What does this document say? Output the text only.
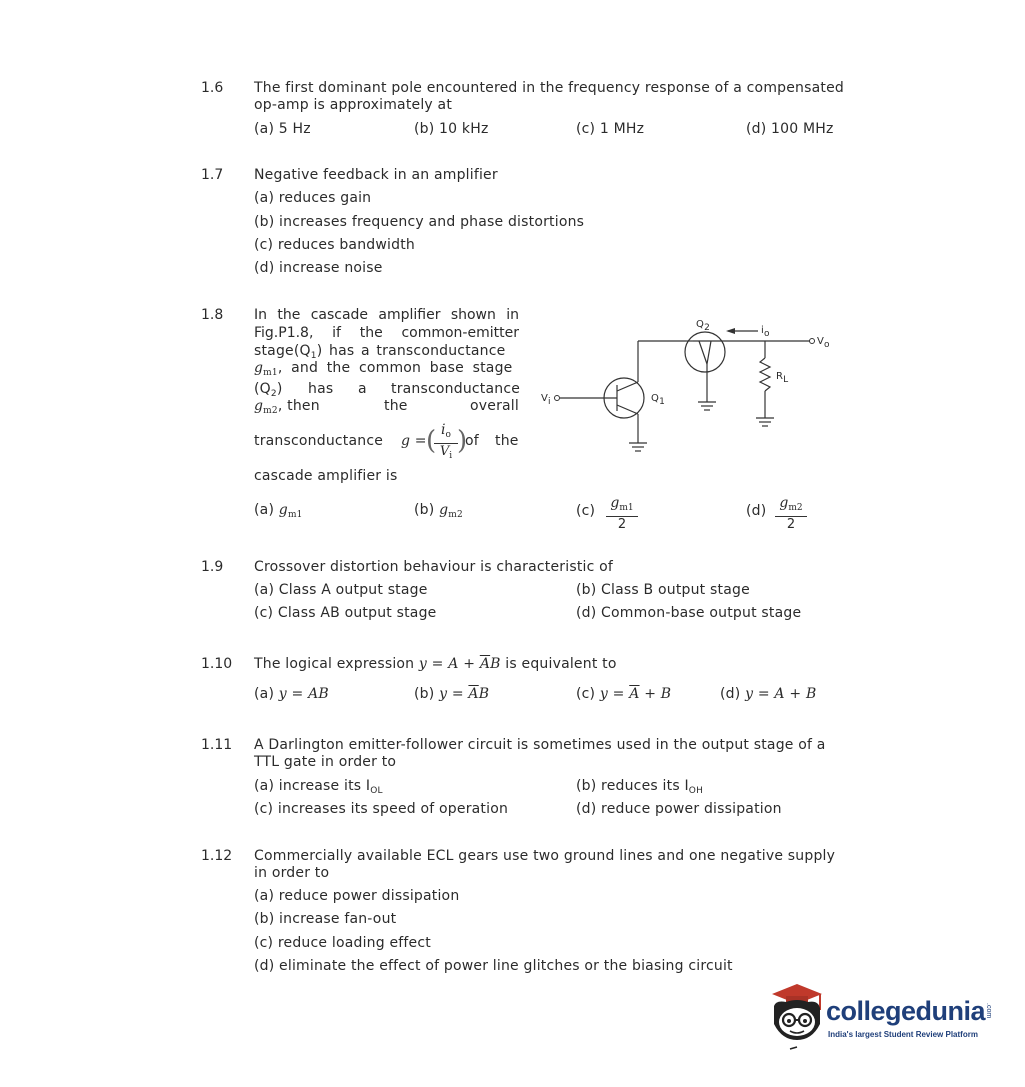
1.6 The first dominant pole encountered in the frequency response of a compensated
op-amp is approximately at
(a) 5 Hz	(b) 10 kHz	(c) 1 MHz	(d) 100 MHz
1.7 Negative feedback in an amplifier
(a) reduces gain
(b) increases frequency and phase distortions
(c) reduces bandwidth
(d) increase noise
1.8 In the cascade amplifier shown in
Fig.P1.8, if the common-emitter
$stage(Q_1)$ has a transconductance
$g_{m1}$, and the common base stage
$(Q_2)$ has a transconductance
$g_{m2}$, then	the	overall
transconductance g = (
$\frac{i_o}{V_i}$ )
of the
cascade amplifier is
(a) $g_{m1}$	(b) $g_{m2}$	$(c) \frac{g_{m1}}{2}$	$(d) \frac{g_{m2}}{2}$
Q1
Q2
Vi
Vo
io
RL
1.9 Crossover distortion behaviour is characteristic of
(a) Class A output stage	(b) Class B output stage
(c) Class AB output stage	(d) Common-base output stage
1.10 The logical expression $y = A + \overline{A}B$ is equivalent to
(a) y = AB	(b) $y = \overline{A}B$	(c) $y = \overline{A} + B$	(d) y = A + B
1.11 A Darlington emitter-follower circuit is sometimes used in the output stage of a
TTL gate in order to
(a) increase its $I_{OL}$	(b) reduces its $I_{OH}$
(c) increases its speed of operation	(d) reduce power dissipation
1.12 Commercially available ECL gears use two ground lines and one negative supply
in order to
(a) reduce power dissipation
(b) increase fan-out
(c) reduce loading effect
(d) eliminate the effect of power line glitches or the biasing circuit
collegedunia .com
India's largest Student Review Platform
